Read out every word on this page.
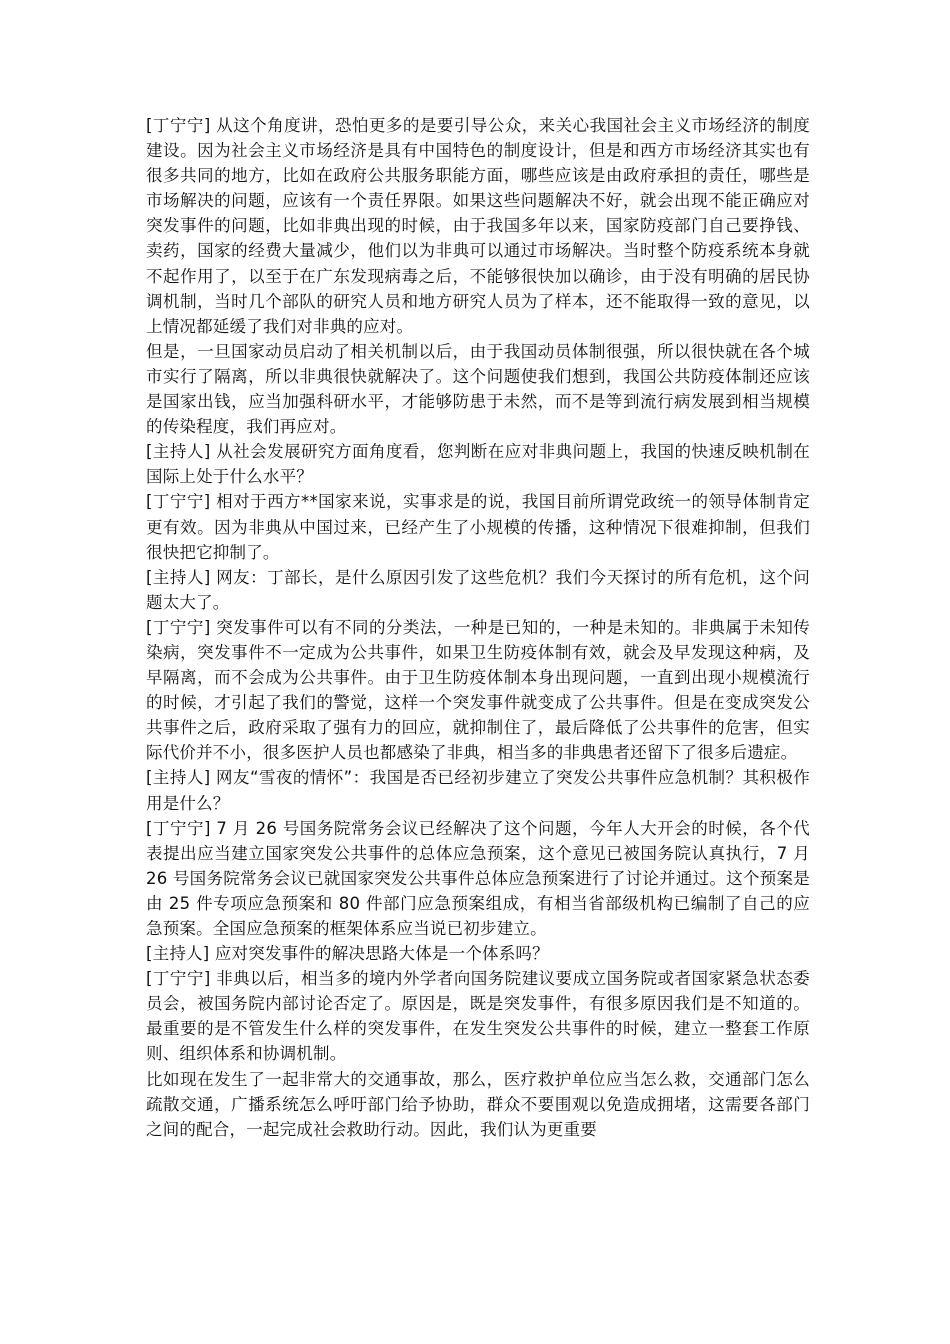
[丁宁宁] 从这个角度讲，恐怕更多的是要引导公众，来关心我国社会主义市场经济的制度建设。因为社会主义市场经济是具有中国特色的制度设计，但是和西方市场经济其实也有很多共同的地方，比如在政府公共服务职能方面，哪些应该是由政府承担的责任，哪些是市场解决的问题，应该有一个责任界限。如果这些问题解决不好，就会出现不能正确应对突发事件的问题，比如非典出现的时候，由于我国多年以来，国家防疫部门自己要挣钱、卖药，国家的经费大量减少，他们以为非典可以通过市场解决。当时整个防疫系统本身就不起作用了，以至于在广东发现病毒之后，不能够很快加以确诊，由于没有明确的居民协调机制，当时几个部队的研究人员和地方研究人员为了样本，还不能取得一致的意见，以上情况都延缓了我们对非典的应对。

但是，一旦国家动员启动了相关机制以后，由于我国动员体制很强，所以很快就在各个城市实行了隔离，所以非典很快就解决了。这个问题使我们想到，我国公共防疫体制还应该是国家出钱，应当加强科研水平，才能够防患于未然，而不是等到流行病发展到相当规模的传染程度，我们再应对。

[主持人] 从社会发展研究方面角度看，您判断在应对非典问题上，我国的快速反映机制在国际上处于什么水平？

[丁宁宁] 相对于西方**国家来说，实事求是的说，我国目前所谓党政统一的领导体制肯定更有效。因为非典从中国过来，已经产生了小规模的传播，这种情况下很难抑制，但我们很快把它抑制了。

[主持人] 网友：丁部长，是什么原因引发了这些危机？我们今天探讨的所有危机，这个问题太大了。

[丁宁宁] 突发事件可以有不同的分类法，一种是已知的，一种是未知的。非典属于未知传染病，突发事件不一定成为公共事件，如果卫生防疫体制有效，就会及早发现这种病，及早隔离，而不会成为公共事件。由于卫生防疫体制本身出现问题，一直到出现小规模流行的时候，才引起了我们的警觉，这样一个突发事件就变成了公共事件。但是在变成突发公共事件之后，政府采取了强有力的回应，就抑制住了，最后降低了公共事件的危害，但实际代价并不小，很多医护人员也都感染了非典，相当多的非典患者还留下了很多后遗症。

[主持人] 网友“雪夜的情怀”：我国是否已经初步建立了突发公共事件应急机制？其积极作用是什么？

[丁宁宁] 7 月 26 号国务院常务会议已经解决了这个问题，今年人大开会的时候，各个代表提出应当建立国家突发公共事件的总体应急预案，这个意见已被国务院认真执行，7 月 26 号国务院常务会议已就国家突发公共事件总体应急预案进行了讨论并通过。这个预案是由 25 件专项应急预案和 80 件部门应急预案组成，有相当省部级机构已编制了自己的应急预案。全国应急预案的框架体系应当说已初步建立。

[主持人] 应对突发事件的解决思路大体是一个体系吗？

[丁宁宁] 非典以后，相当多的境内外学者向国务院建议要成立国务院或者国家紧急状态委员会，被国务院内部讨论否定了。原因是，既是突发事件，有很多原因我们是不知道的。最重要的是不管发生什么样的突发事件，在发生突发公共事件的时候，建立一整套工作原则、组织体系和协调机制。

比如现在发生了一起非常大的交通事故，那么，医疗救护单位应当怎么救，交通部门怎么疏散交通，广播系统怎么呼吁部门给予协助，群众不要围观以免造成拥堵，这需要各部门之间的配合，一起完成社会救助行动。因此，我们认为更重要
